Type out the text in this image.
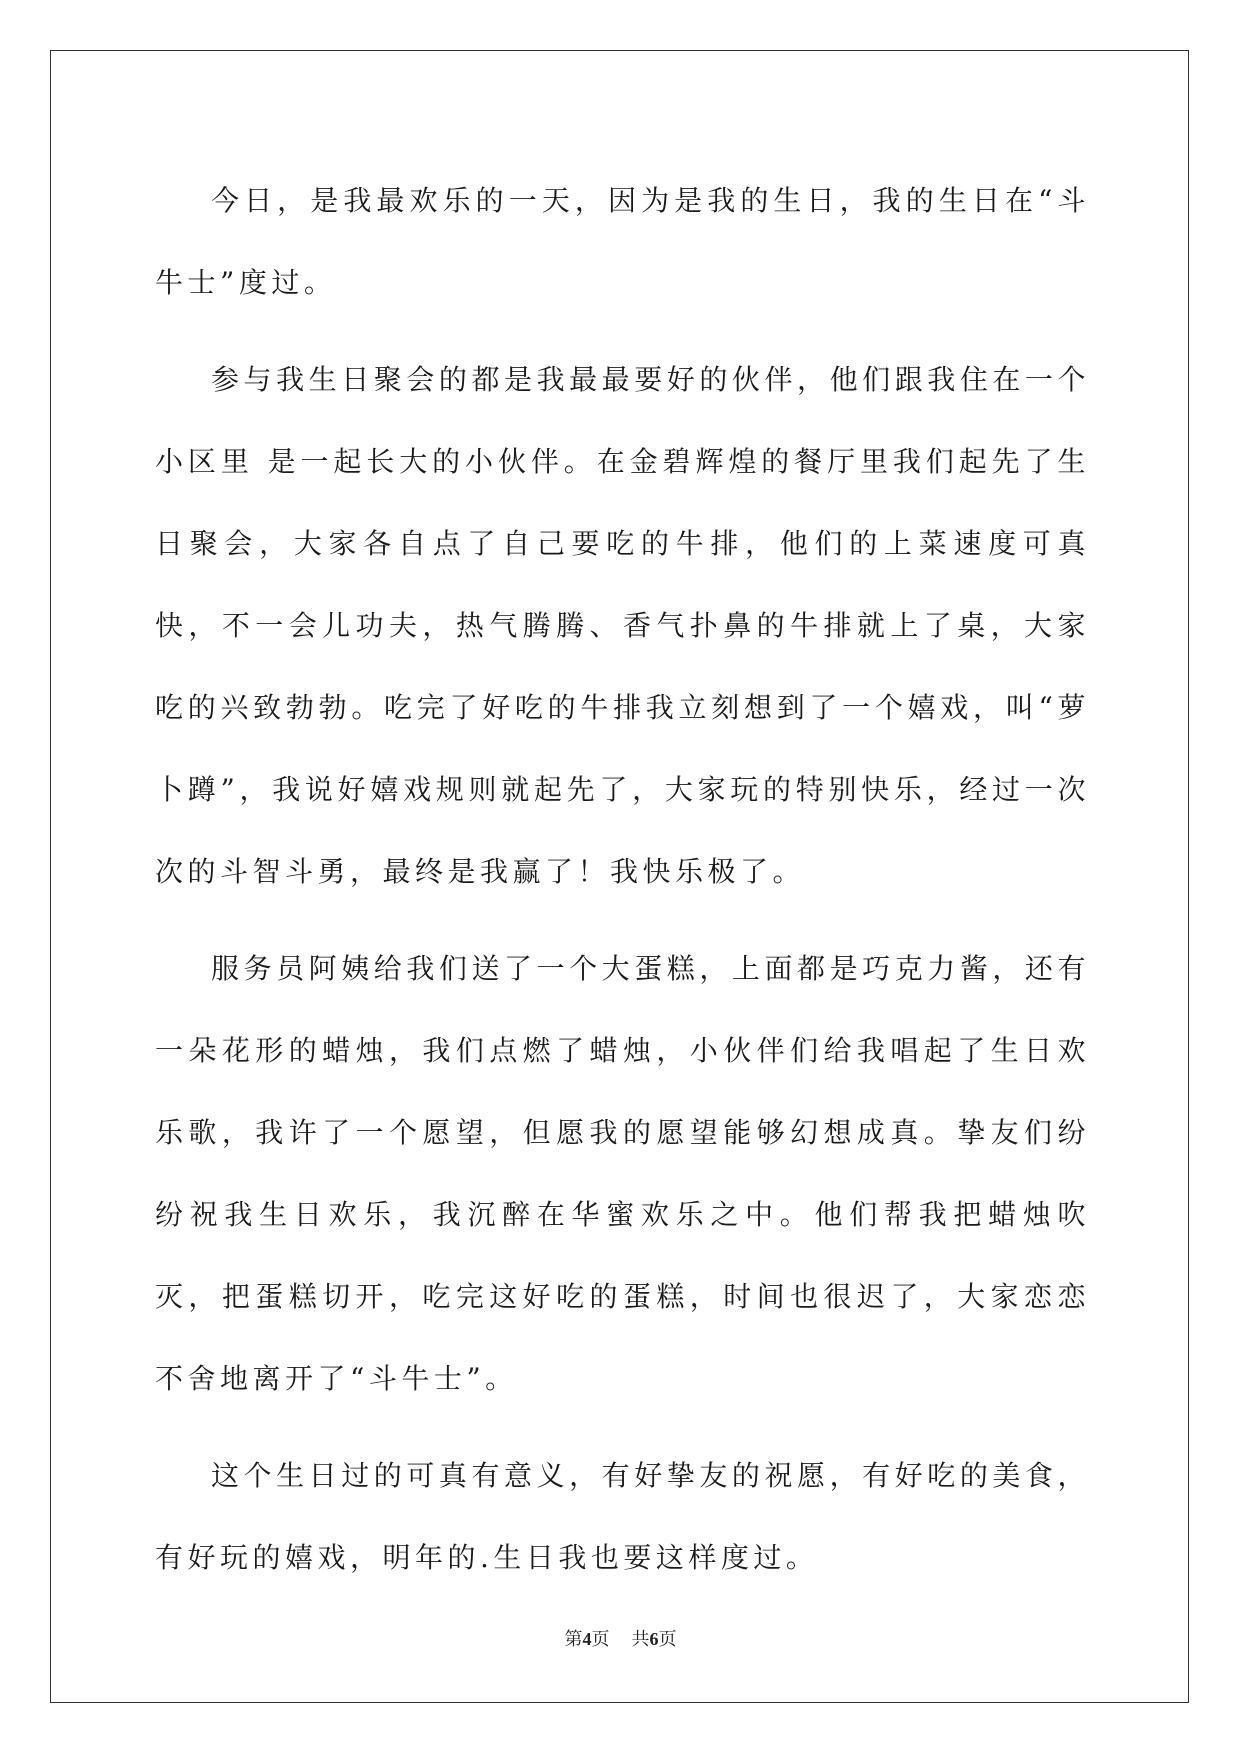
今日，是我最欢乐的一天，因为是我的生日，我的生日在“斗牛士”度过。

参与我生日聚会的都是我最最要好的伙伴，他们跟我住在一个小区里 是一起长大的小伙伴。在金碧辉煌的餐厅里我们起先了生日聚会，大家各自点了自己要吃的牛排，他们的上菜速度可真快，不一会儿功夫，热气腾腾、香气扑鼻的牛排就上了桌，大家吃的兴致勃勃。吃完了好吃的牛排我立刻想到了一个嬉戏，叫“萝卜蹲”，我说好嬉戏规则就起先了，大家玩的特别快乐，经过一次次的斗智斗勇，最终是我赢了！我快乐极了。

服务员阿姨给我们送了一个大蛋糕，上面都是巧克力酱，还有一朵花形的蜡烛，我们点燃了蜡烛，小伙伴们给我唱起了生日欢乐歌，我许了一个愿望，但愿我的愿望能够幻想成真。挚友们纷纷祝我生日欢乐，我沉醉在华蜜欢乐之中。他们帮我把蜡烛吹灭，把蛋糕切开，吃完这好吃的蛋糕，时间也很迟了，大家恋恋不舍地离开了“斗牛士”。

这个生日过的可真有意义，有好挚友的祝愿，有好吃的美食，有好玩的嬉戏，明年的.生日我也要这样度过。

第4页 共6页
